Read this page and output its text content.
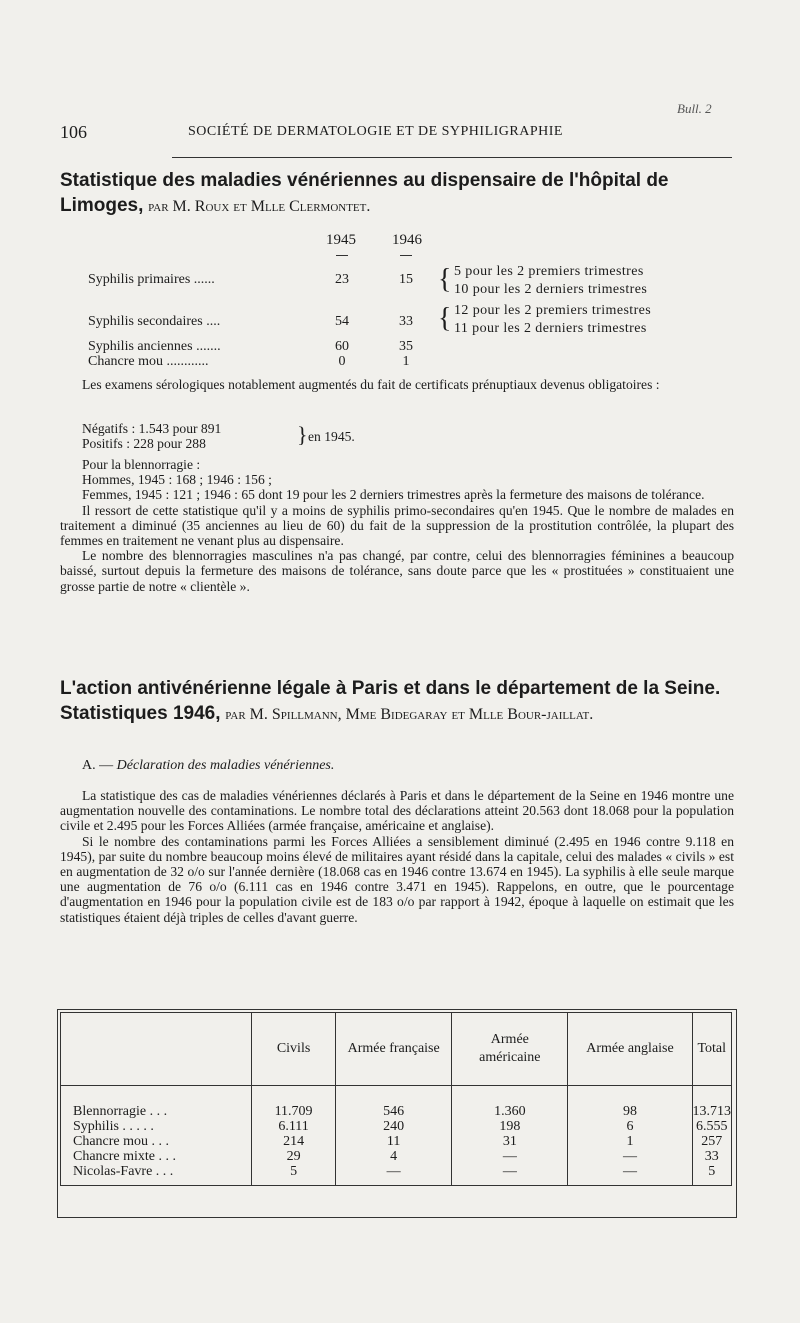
Bull. 2
106	SOCIÉTÉ DE DERMATOLOGIE ET DE SYPHILIGRAPHIE
Statistique des maladies vénériennes au dispensaire de l'hôpital de Limoges, par M. Roux et Mlle Clermontet.
1945 1946
Syphilis primaires ......	23	15 { 5 pour les 2 premiers trimestres
10 pour les 2 derniers trimestres
Syphilis secondaires ....	54	33 { 12 pour les 2 premiers trimestres
11 pour les 2 derniers trimestres
Syphilis anciennes .......	60	35
Chancre mou ............	0	1

Les examens sérologiques notablement augmentés du fait de certificats prénuptiaux devenus obligatoires :

Négatifs : 1.543 pour 891
Positifs : 228 pour 288	} en 1945.

Pour la blennorragie :

Hommes, 1945 : 168 ; 1946 : 156 ;

Femmes, 1945 : 121 ; 1946 : 65 dont 19 pour les 2 derniers trimestres après la fermeture des maisons de tolérance.

Il ressort de cette statistique qu'il y a moins de syphilis primo-secondaires qu'en 1945. Que le nombre de malades en traitement a diminué (35 anciennes au lieu de 60) du fait de la suppression de la prostitution contrôlée, la plupart des femmes en traitement ne venant plus au dispensaire.

Le nombre des blennorragies masculines n'a pas changé, par contre, celui des blennorragies féminines a beaucoup baissé, surtout depuis la fermeture des maisons de tolérance, sans doute parce que les « prostituées » constituaient une grosse partie de notre « clientèle ».

L'action antivénérienne légale à Paris et dans le département de la Seine. Statistiques 1946, par M. Spillmann, Mme Bidegaray et Mlle Bour-jaillat.
A. — Déclaration des maladies vénériennes.

La statistique des cas de maladies vénériennes déclarés à Paris et dans le département de la Seine en 1946 montre une augmentation nouvelle des contaminations. Le nombre total des déclarations atteint 20.563 dont 18.068 pour la population civile et 2.495 pour les Forces Alliées (armée française, américaine et anglaise).

Si le nombre des contaminations parmi les Forces Alliées a sensiblement diminué (2.495 en 1946 contre 9.118 en 1945), par suite du nombre beaucoup moins élevé de militaires ayant résidé dans la capitale, celui des malades « civils » est en augmentation de 32 o/o sur l'année dernière (18.068 cas en 1946 contre 13.674 en 1945). La syphilis à elle seule marque une augmentation de 76 o/o (6.111 cas en 1946 contre 3.471 en 1945). Rappelons, en outre, que le pourcentage d'augmentation en 1946 pour la population civile est de 183 o/o par rapport à 1942, époque à laquelle on estimait que les statistiques étaient déjà triples de celles d'avant guerre.

	Civils	Armée française	Armée américaine	Armée anglaise	Total
Blennorragie . . .	11.709	546	1.360	98	13.713
Syphilis . . . . .	6.111	240	198	6	6.555
Chancre mou . . .	214	11	31	1	257
Chancre mixte . . .	29	4	—	—	33
Nicolas-Favre . . .	5	—	—	—	5
